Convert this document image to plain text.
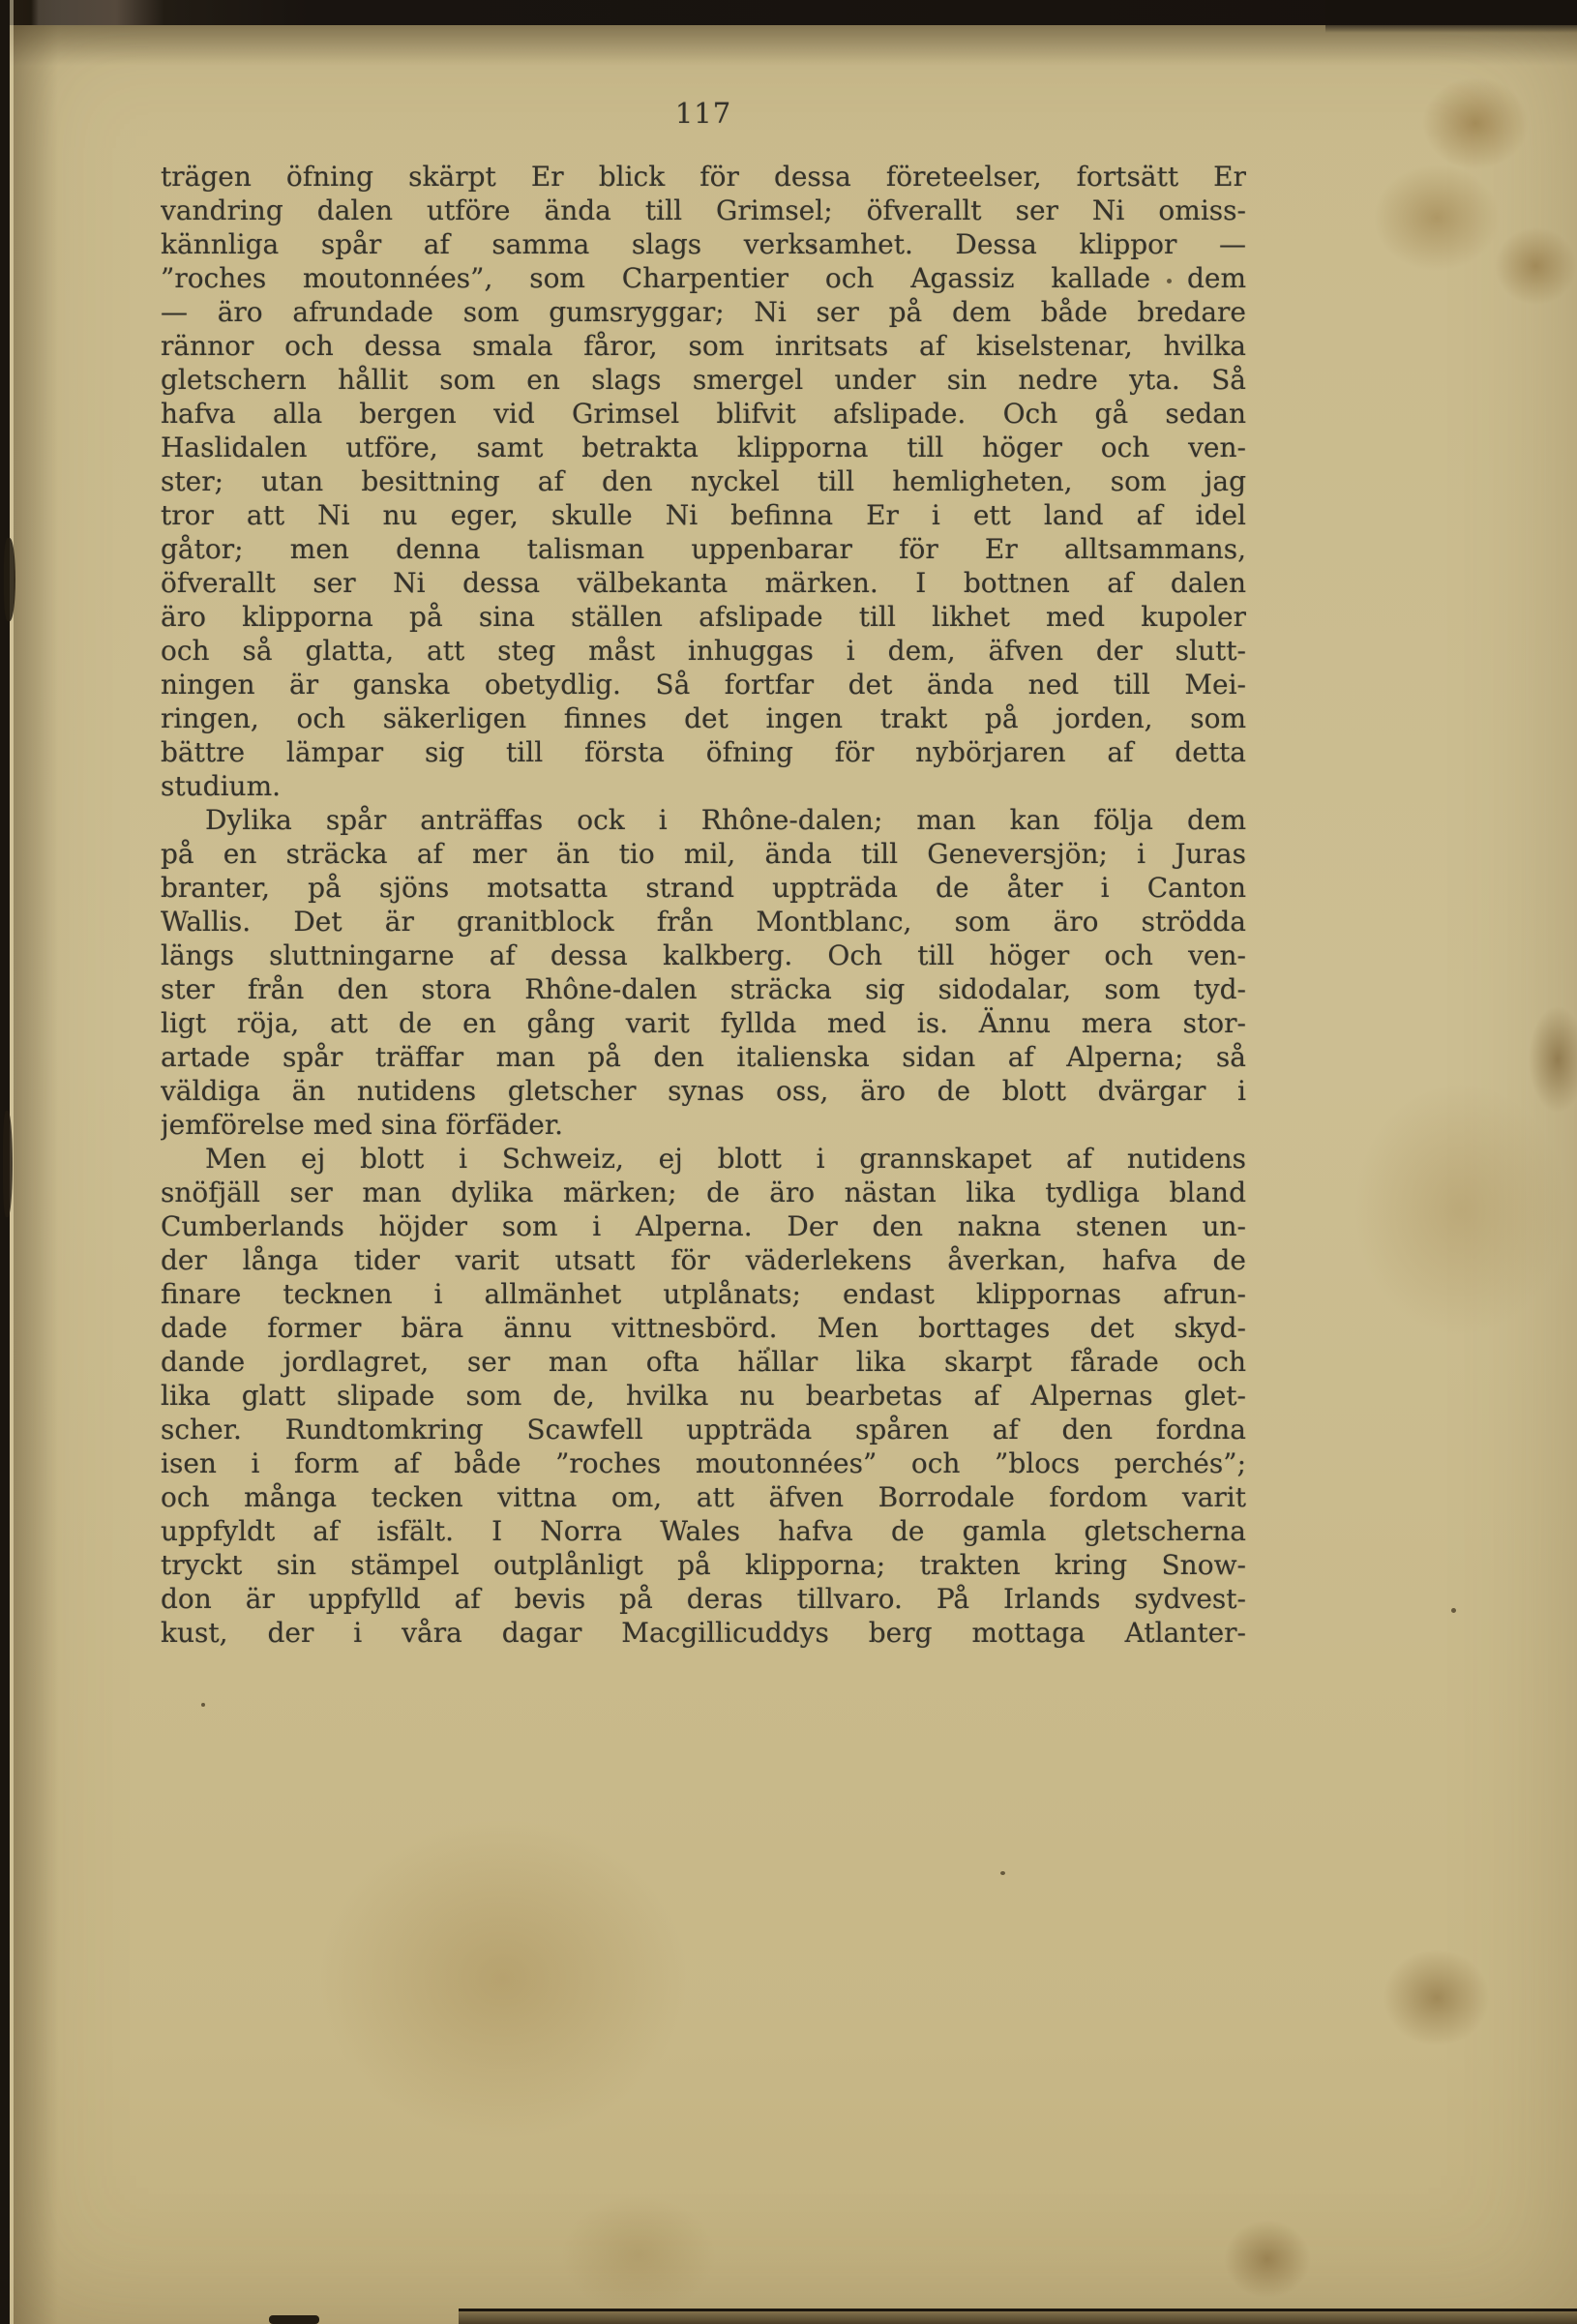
117
trägen öfning skärpt Er blick för dessa företeelser, fortsätt Er
vandring dalen utföre ända till Grimsel; öfverallt ser Ni omiss-
kännliga spår af samma slags verksamhet. Dessa klippor —
”roches moutonnées”, som Charpentier och Agassiz kallade dem
— äro afrundade som gumsryggar; Ni ser på dem både bredare
rännor och dessa smala fåror, som inritsats af kiselstenar, hvilka
gletschern hållit som en slags smergel under sin nedre yta. Så
hafva alla bergen vid Grimsel blifvit afslipade. Och gå sedan
Haslidalen utföre, samt betrakta klipporna till höger och ven-
ster; utan besittning af den nyckel till hemligheten, som jag
tror att Ni nu eger, skulle Ni befinna Er i ett land af idel
gåtor; men denna talisman uppenbarar för Er alltsammans,
öfverallt ser Ni dessa välbekanta märken. I bottnen af dalen
äro klipporna på sina ställen afslipade till likhet med kupoler
och så glatta, att steg måst inhuggas i dem, äfven der slutt-
ningen är ganska obetydlig. Så fortfar det ända ned till Mei-
ringen, och säkerligen finnes det ingen trakt på jorden, som
bättre lämpar sig till första öfning för nybörjaren af detta
studium.
Dylika spår anträffas ock i Rhône-dalen; man kan följa dem
på en sträcka af mer än tio mil, ända till Geneversjön; i Juras
branter, på sjöns motsatta strand uppträda de åter i Canton
Wallis. Det är granitblock från Montblanc, som äro strödda
längs sluttningarne af dessa kalkberg. Och till höger och ven-
ster från den stora Rhône-dalen sträcka sig sidodalar, som tyd-
ligt röja, att de en gång varit fyllda med is. Ännu mera stor-
artade spår träffar man på den italienska sidan af Alperna; så
väldiga än nutidens gletscher synas oss, äro de blott dvärgar i
jemförelse med sina förfäder.
Men ej blott i Schweiz, ej blott i grannskapet af nutidens
snöfjäll ser man dylika märken; de äro nästan lika tydliga bland
Cumberlands höjder som i Alperna. Der den nakna stenen un-
der långa tider varit utsatt för väderlekens åverkan, hafva de
finare tecknen i allmänhet utplånats; endast klippornas afrun-
dade former bära ännu vittnesbörd. Men borttages det skyd-
dande jordlagret, ser man ofta hällar lika skarpt fårade och
lika glatt slipade som de, hvilka nu bearbetas af Alpernas glet-
scher. Rundtomkring Scawfell uppträda spåren af den fordna
isen i form af både ”roches moutonnées” och ”blocs perchés”;
och många tecken vittna om, att äfven Borrodale fordom varit
uppfyldt af isfält. I Norra Wales hafva de gamla gletscherna
tryckt sin stämpel outplånligt på klipporna; trakten kring Snow-
don är uppfylld af bevis på deras tillvaro. På Irlands sydvest-
kust, der i våra dagar Macgillicuddys berg mottaga Atlanter-
